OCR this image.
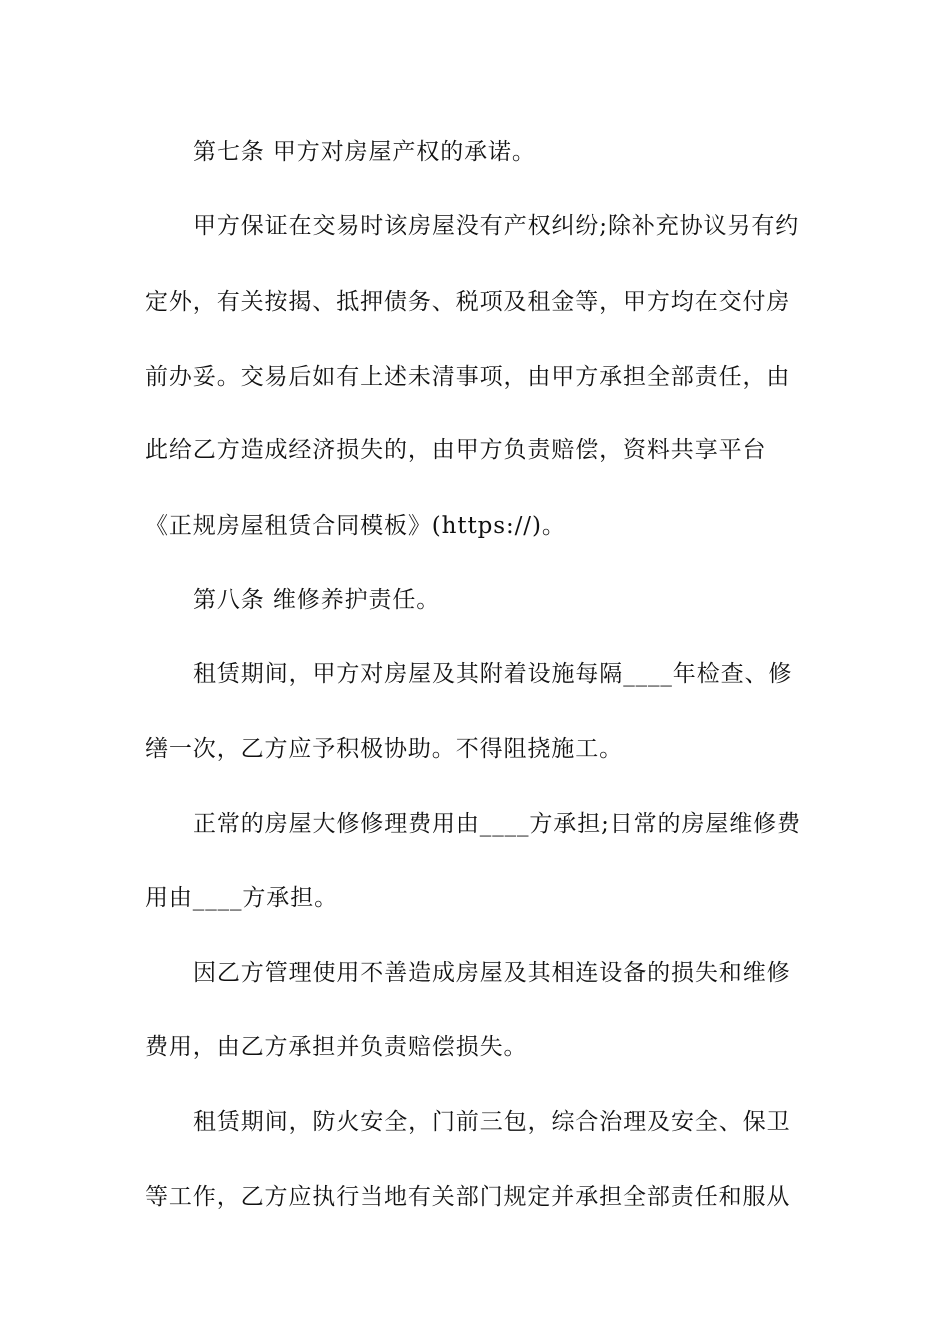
第七条 甲方对房屋产权的承诺。

甲方保证在交易时该房屋没有产权纠纷;除补充协议另有约

定外，有关按揭、抵押债务、税项及租金等，甲方均在交付房

前办妥。交易后如有上述未清事项，由甲方承担全部责任，由

此给乙方造成经济损失的，由甲方负责赔偿，资料共享平台

《正规房屋租赁合同模板》(https://)。

第八条 维修养护责任。

租赁期间，甲方对房屋及其附着设施每隔____年检查、修

缮一次，乙方应予积极协助。不得阻挠施工。

正常的房屋大修修理费用由____方承担;日常的房屋维修费

用由____方承担。

因乙方管理使用不善造成房屋及其相连设备的损失和维修

费用，由乙方承担并负责赔偿损失。

租赁期间，防火安全，门前三包，综合治理及安全、保卫

等工作，乙方应执行当地有关部门规定并承担全部责任和服从
